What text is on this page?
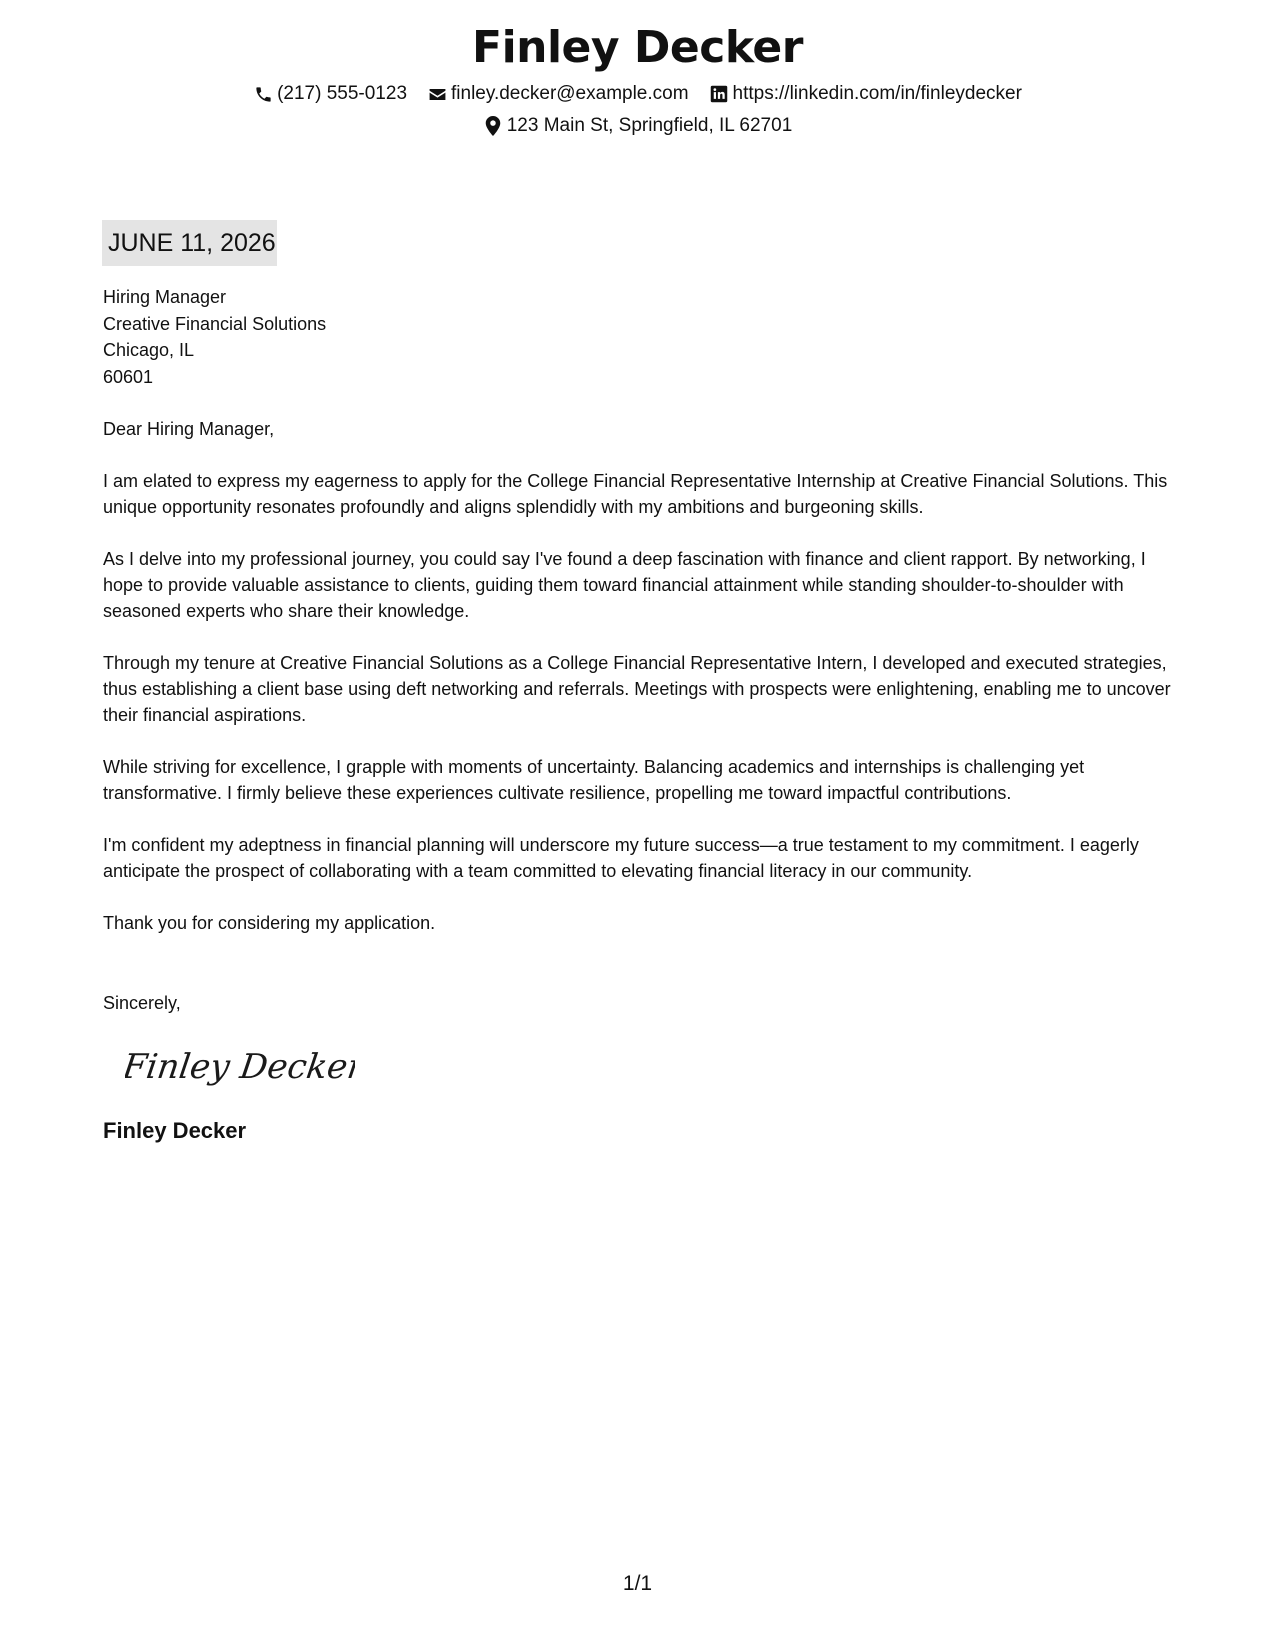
Finley Decker
(217) 555-0123 finley.decker@example.com https://linkedin.com/in/finleydecker
123 Main St, Springfield, IL 62701
JUNE 11, 2026
Hiring Manager
Creative Financial Solutions
Chicago, IL
60601
Dear Hiring Manager,

I am elated to express my eagerness to apply for the College Financial Representative Internship at Creative Financial Solutions. This unique opportunity resonates profoundly and aligns splendidly with my ambitions and burgeoning skills.

As I delve into my professional journey, you could say I've found a deep fascination with finance and client rapport. By networking, I hope to provide valuable assistance to clients, guiding them toward financial attainment while standing shoulder-to-shoulder with seasoned experts who share their knowledge.

Through my tenure at Creative Financial Solutions as a College Financial Representative Intern, I developed and executed strategies, thus establishing a client base using deft networking and referrals. Meetings with prospects were enlightening, enabling me to uncover their financial aspirations.

While striving for excellence, I grapple with moments of uncertainty. Balancing academics and internships is challenging yet transformative. I firmly believe these experiences cultivate resilience, propelling me toward impactful contributions.

I'm confident my adeptness in financial planning will underscore my future success—a true testament to my commitment. I eagerly anticipate the prospect of collaborating with a team committed to elevating financial literacy in our community.

Thank you for considering my application.

Sincerely,
Finley Decker
Finley Decker
1/1
